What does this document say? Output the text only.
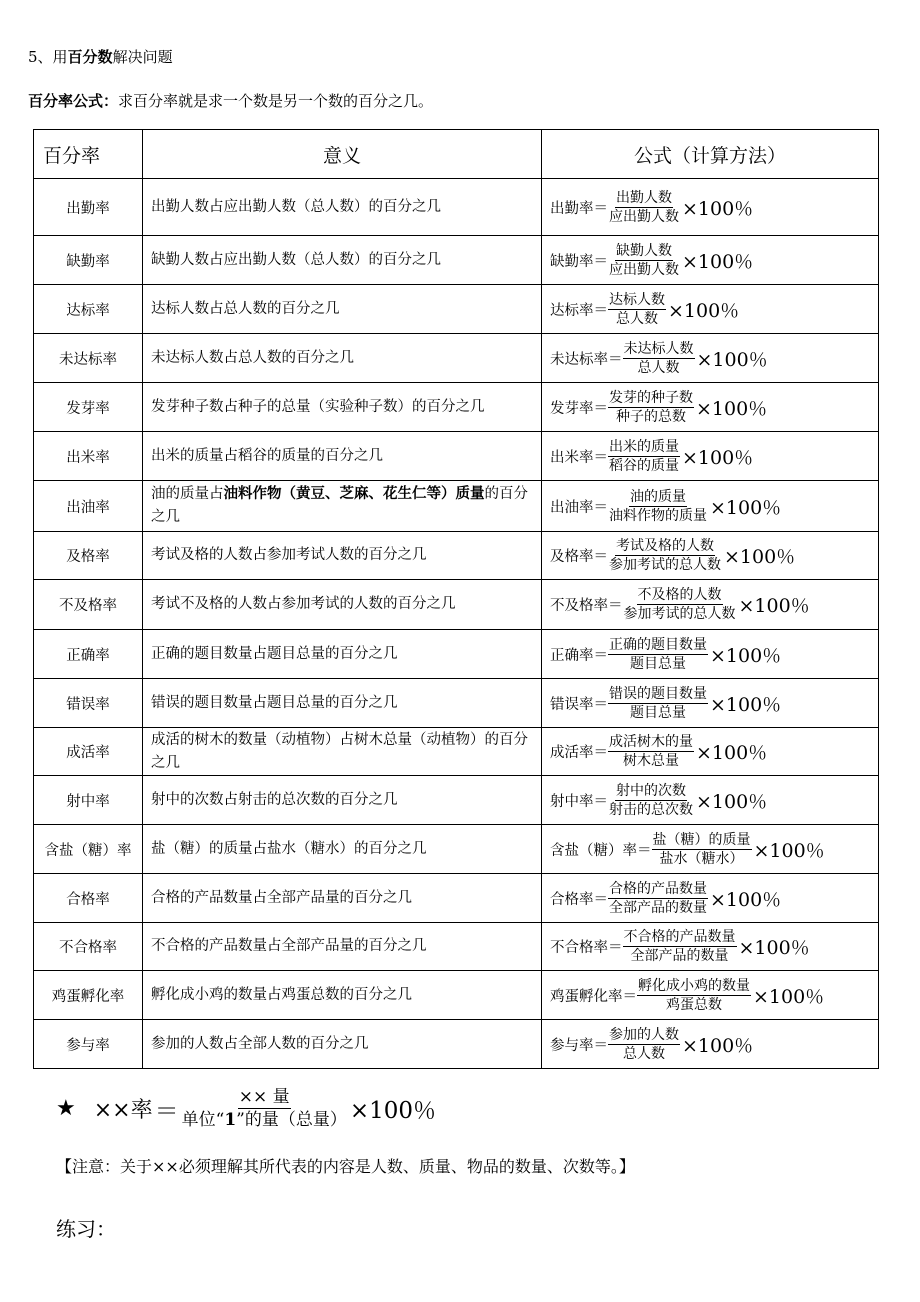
5、用百分数解决问题
百分率公式：求百分率就是求一个数是另一个数的百分之几。
百分率	意义	公式（计算方法）
出勤率	出勤人数占应出勤人数（总人数）的百分之几	出勤率＝ $\frac{\text{出勤人数}}{\text{应出勤人数}} \times 100$％

缺勤率	缺勤人数占应出勤人数（总人数）的百分之几	缺勤率＝ $\frac{\text{缺勤人数}}{\text{应出勤人数}} \times 100$％

达标率	达标人数占总人数的百分之几	达标率＝ $\frac{\text{达标人数}}{\text{总人数}} \times 100$％

未达标率	未达标人数占总人数的百分之几	未达标率＝ $\frac{\text{未达标人数}}{\text{总人数}} \times 100$％

发芽率	发芽种子数占种子的总量（实验种子数）的百分之几	发芽率＝ $\frac{\text{发芽的种子数}}{\text{种子的总数}} \times 100$％

出米率	出米的质量占稻谷的质量的百分之几	出米率＝ $\frac{\text{出米的质量}}{\text{稻谷的质量}} \times 100$％

出油率	油的质量占油料作物（黄豆、芝麻、花生仁等）质量的百分之几	出油率＝ $\frac{\text{油的质量}}{\text{油料作物的质量}} \times 100$％

及格率	考试及格的人数占参加考试人数的百分之几	及格率＝ $\frac{\text{考试及格的人数}}{\text{参加考试的总人数}} \times 100$％

不及格率	考试不及格的人数占参加考试的人数的百分之几	不及格率＝ $\frac{\text{不及格的人数}}{\text{参加考试的总人数}} \times 100$％

正确率	正确的题目数量占题目总量的百分之几	正确率＝ $\frac{\text{正确的题目数量}}{\text{题目总量}} \times 100$％

错误率	错误的题目数量占题目总量的百分之几	错误率＝ $\frac{\text{错误的题目数量}}{\text{题目总量}} \times 100$％

成活率	成活的树木的数量（动植物）占树木总量（动植物）的百分之几	成活率＝ $\frac{\text{成活树木的量}}{\text{树木总量}} \times 100$％

射中率	射中的次数占射击的总次数的百分之几	射中率＝ $\frac{\text{射中的次数}}{\text{射击的总次数}} \times 100$％

含盐（糖）率	盐（糖）的质量占盐水（糖水）的百分之几	含盐（糖）率＝ $\frac{\text{盐（糖）的质量}}{\text{盐水（糖水）}} \times 100$％

合格率	合格的产品数量占全部产品量的百分之几	合格率＝ $\frac{\text{合格的产品数量}}{\text{全部产品的数量}} \times 100$％

不合格率	不合格的产品数量占全部产品量的百分之几	不合格率＝ $\frac{\text{不合格的产品数量}}{\text{全部产品的数量}} \times 100$％

鸡蛋孵化率	孵化成小鸡的数量占鸡蛋总数的百分之几	鸡蛋孵化率＝ $\frac{\text{孵化成小鸡的数量}}{\text{鸡蛋总数}} \times 100$％

参与率	参加的人数占全部人数的百分之几	参与率＝ $\frac{\text{参加的人数}}{\text{总人数}} \times 100$％
★ ××率 ＝ $\frac{\text{×× 量}}{\text{单位“1”的量（总量）}} \times 100$％
【注意：关于××必须理解其所代表的内容是人数、质量、物品的数量、次数等。】
练习：
